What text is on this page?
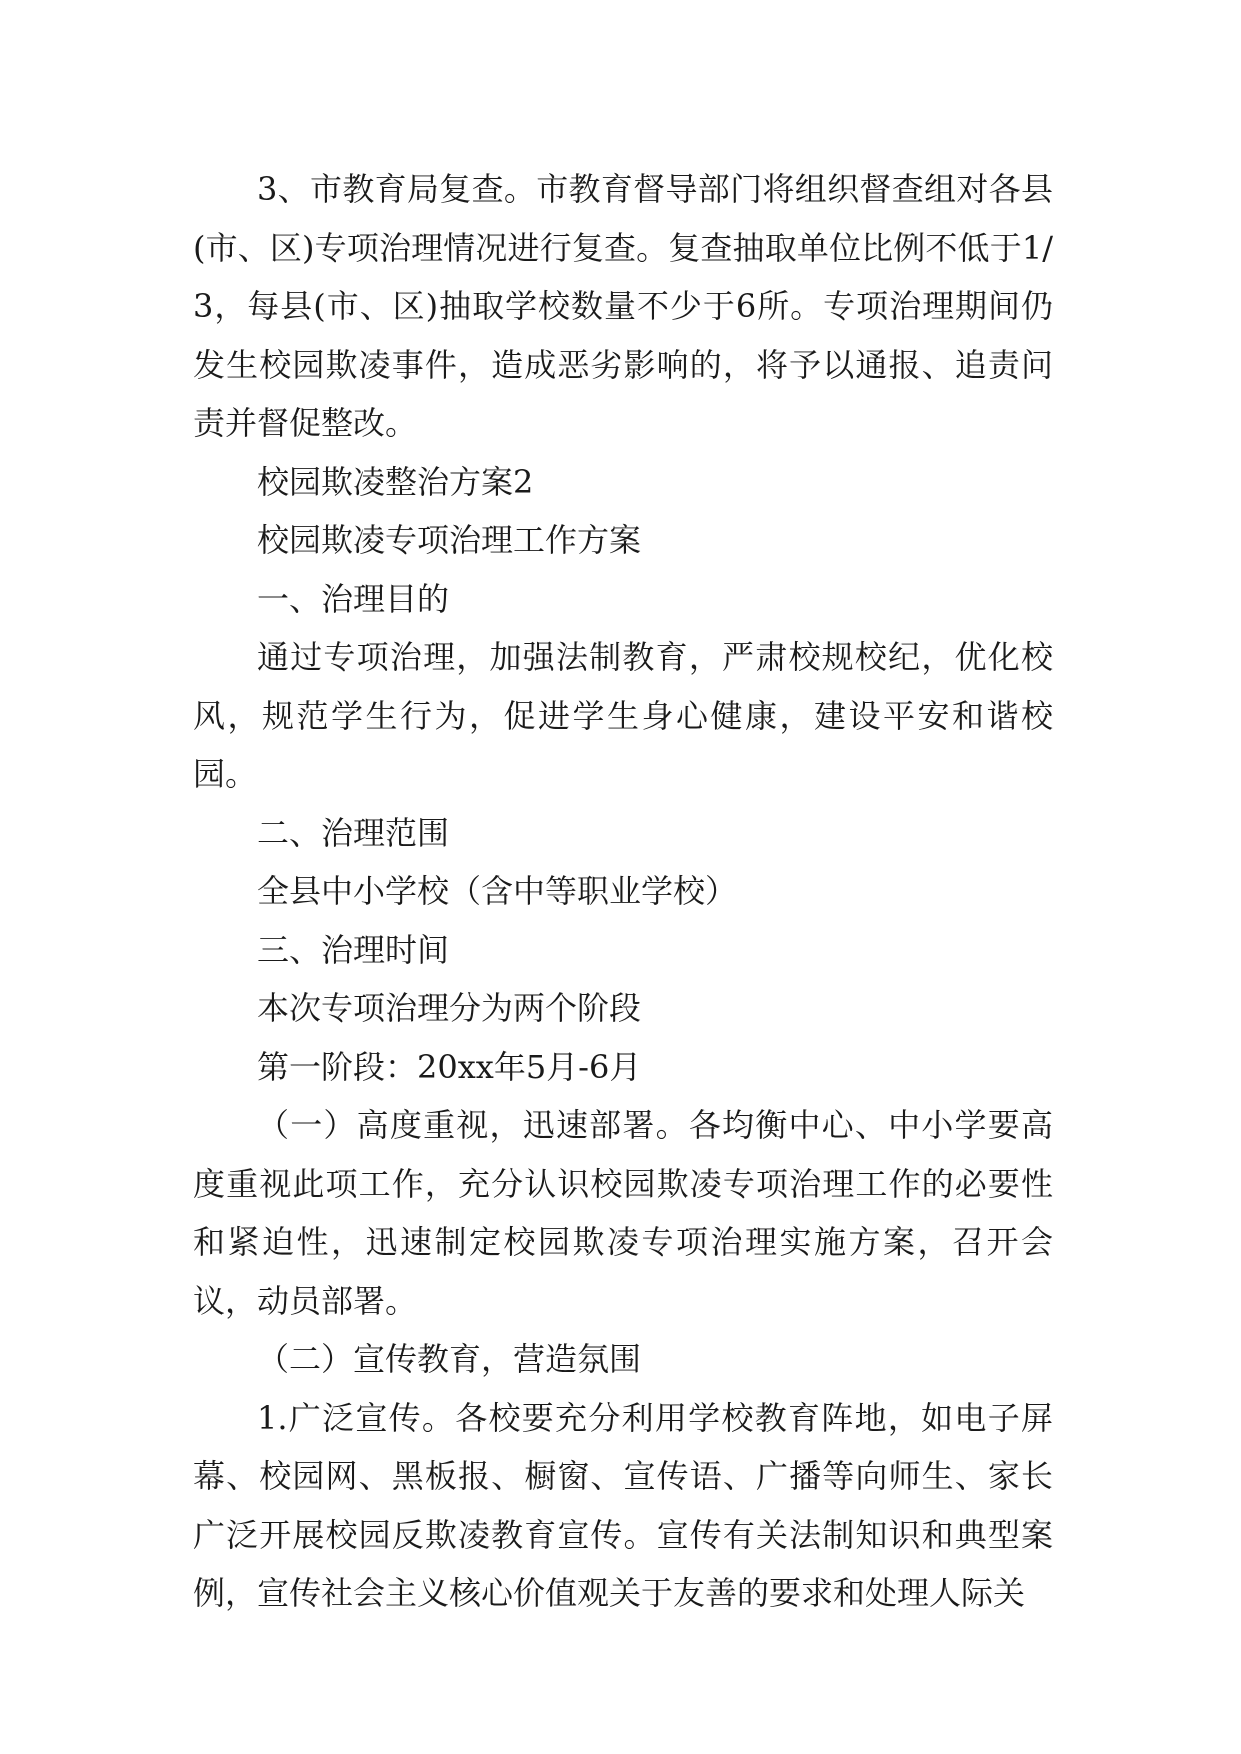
3、市教育局复查。市教育督导部门将组织督查组对各县(市、区)专项治理情况进行复查。复查抽取单位比例不低于1/3，每县(市、区)抽取学校数量不少于6所。专项治理期间仍发生校园欺凌事件，造成恶劣影响的，将予以通报、追责问责并督促整改。

校园欺凌整治方案2

校园欺凌专项治理工作方案

一、治理目的

通过专项治理，加强法制教育，严肃校规校纪，优化校风，规范学生行为，促进学生身心健康，建设平安和谐校园。

二、治理范围

全县中小学校（含中等职业学校）

三、治理时间

本次专项治理分为两个阶段

第一阶段：20xx年5月-6月

（一）高度重视，迅速部署。各均衡中心、中小学要高度重视此项工作，充分认识校园欺凌专项治理工作的必要性和紧迫性，迅速制定校园欺凌专项治理实施方案，召开会议，动员部署。

（二）宣传教育，营造氛围

1.广泛宣传。各校要充分利用学校教育阵地，如电子屏幕、校园网、黑板报、橱窗、宣传语、广播等向师生、家长广泛开展校园反欺凌教育宣传。宣传有关法制知识和典型案例，宣传社会主义核心价值观关于友善的要求和处理人际关
